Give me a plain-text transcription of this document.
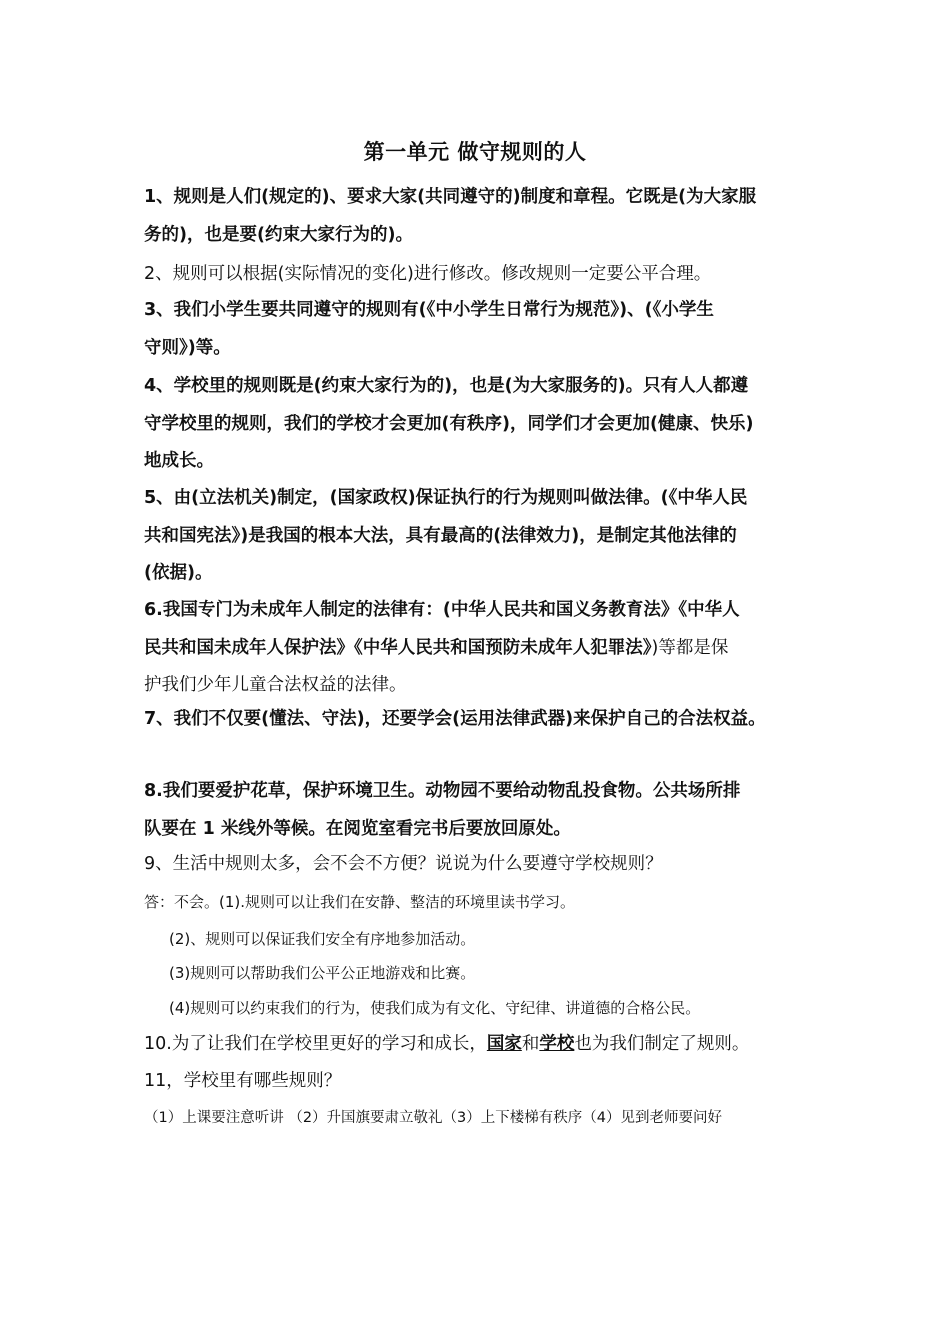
第一单元 做守规则的人
1、规则是人们(规定的)、要求大家(共同遵守的)制度和章程。它既是(为大家服
务的)，也是要(约束大家行为的)。
2、规则可以根据(实际情况的变化)进行修改。修改规则一定要公平合理。
3、我们小学生要共同遵守的规则有(《中小学生日常行为规范》)、(《小学生
守则》)等。
4、学校里的规则既是(约束大家行为的)，也是(为大家服务的)。只有人人都遵
守学校里的规则，我们的学校才会更加(有秩序)，同学们才会更加(健康、快乐)
地成长。
5、由(立法机关)制定，(国家政权)保证执行的行为规则叫做法律。(《中华人民
共和国宪法》)是我国的根本大法，具有最高的(法律效力)，是制定其他法律的
(依据)。
6.我国专门为未成年人制定的法律有：(中华人民共和国义务教育法》《中华人
民共和国未成年人保护法》《中华人民共和国预防未成年人犯罪法》)等都是保
护我们少年儿童合法权益的法律。
7、我们不仅要(懂法、守法)，还要学会(运用法律武器)来保护自己的合法权益。
8.我们要爱护花草，保护环境卫生。动物园不要给动物乱投食物。公共场所排
队要在 1 米线外等候。在阅览室看完书后要放回原处。
9、生活中规则太多，会不会不方便？说说为什么要遵守学校规则？
答：不会。(1).规则可以让我们在安静、整洁的环境里读书学习。
(2)、规则可以保证我们安全有序地参加活动。
(3)规则可以帮助我们公平公正地游戏和比赛。
(4)规则可以约束我们的行为，使我们成为有文化、守纪律、讲道德的合格公民。
10.为了让我们在学校里更好的学习和成长，国家和学校也为我们制定了规则。
11，学校里有哪些规则？
（1）上课要注意听讲 （2）升国旗要肃立敬礼（3）上下楼梯有秩序（4）见到老师要问好
